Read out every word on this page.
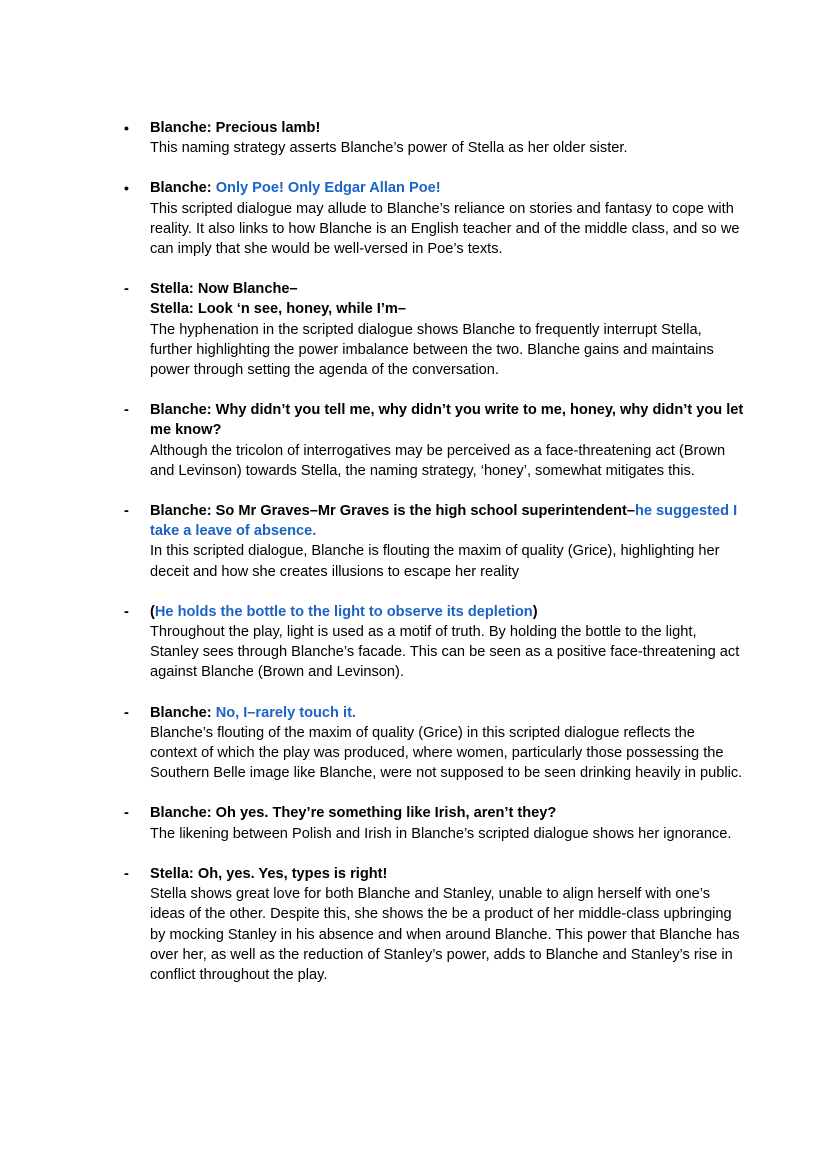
•	Blanche: Precious lamb!
This naming strategy asserts Blanche’s power of Stella as her older sister.
•	Blanche: Only Poe! Only Edgar Allan Poe!
This scripted dialogue may allude to Blanche’s reliance on stories and fantasy to cope with reality. It also links to how Blanche is an English teacher and of the middle class, and so we can imply that she would be well-versed in Poe’s texts.
-	Stella: Now Blanche–
Stella: Look ‘n see, honey, while I’m–
The hyphenation in the scripted dialogue shows Blanche to frequently interrupt Stella, further highlighting the power imbalance between the two. Blanche gains and maintains power through setting the agenda of the conversation.
-	Blanche: Why didn’t you tell me, why didn’t you write to me, honey, why didn’t you let me know?
Although the tricolon of interrogatives may be perceived as a face-threatening act (Brown and Levinson) towards Stella, the naming strategy, ‘honey’, somewhat mitigates this.
-	Blanche: So Mr Graves–Mr Graves is the high school superintendent–he suggested I take a leave of absence.
In this scripted dialogue, Blanche is flouting the maxim of quality (Grice), highlighting her deceit and how she creates illusions to escape her reality
-	(He holds the bottle to the light to observe its depletion)
Throughout the play, light is used as a motif of truth. By holding the bottle to the light, Stanley sees through Blanche’s facade. This can be seen as a positive face-threatening act against Blanche (Brown and Levinson).
-	Blanche: No, I–rarely touch it.
Blanche’s flouting of the maxim of quality (Grice) in this scripted dialogue reflects the context of which the play was produced, where women, particularly those possessing the Southern Belle image like Blanche, were not supposed to be seen drinking heavily in public.
-	Blanche: Oh yes. They’re something like Irish, aren’t they?
The likening between Polish and Irish in Blanche’s scripted dialogue shows her ignorance.
-	Stella: Oh, yes. Yes, types is right!
Stella shows great love for both Blanche and Stanley, unable to align herself with one’s ideas of the other. Despite this, she shows the be a product of her middle-class upbringing by mocking Stanley in his absence and when around Blanche. This power that Blanche has over her, as well as the reduction of Stanley’s power, adds to Blanche and Stanley’s rise in conflict throughout the play.
